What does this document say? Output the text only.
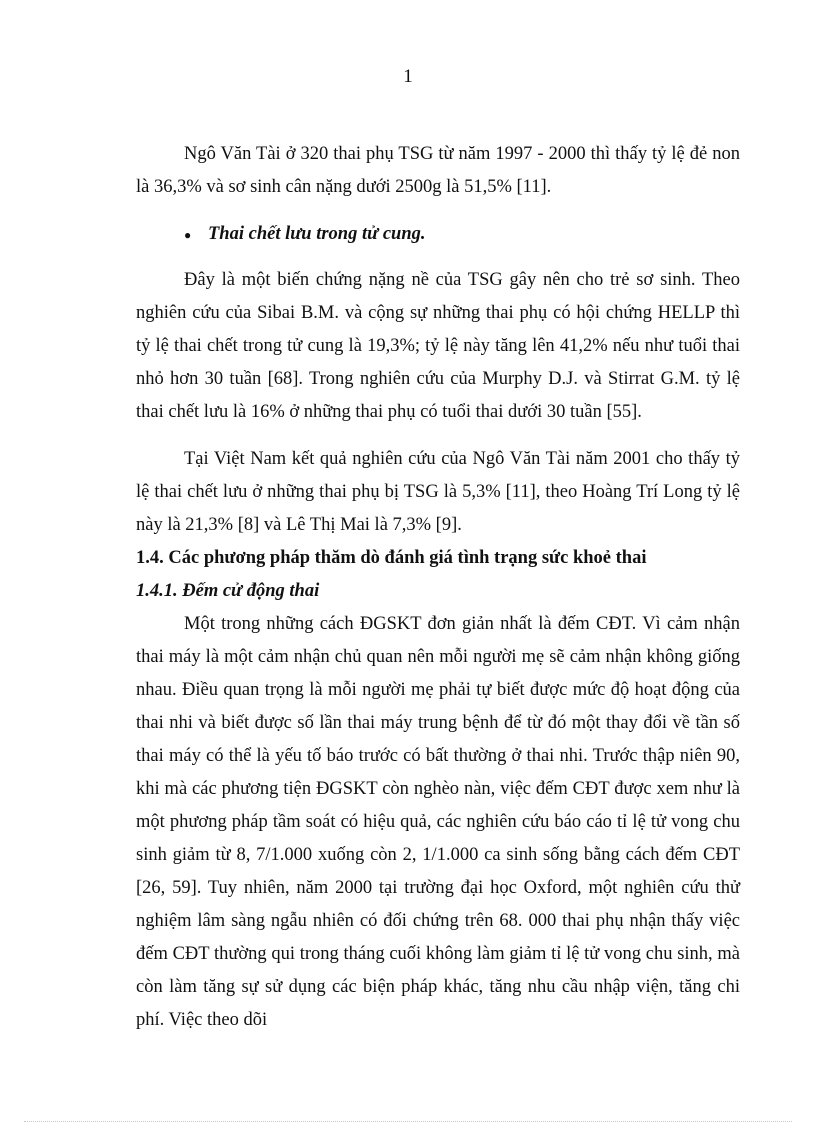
1

Ngô Văn Tài ở 320 thai phụ TSG từ năm 1997 - 2000 thì thấy tỷ lệ đẻ non là 36,3% và sơ sinh cân nặng dưới 2500g là 51,5% [11].

● Thai chết lưu trong tử cung.

Đây là một biến chứng nặng nề của TSG gây nên cho trẻ sơ sinh. Theo nghiên cứu của Sibai B.M. và cộng sự những thai phụ có hội chứng HELLP thì tỷ lệ thai chết trong tử cung là 19,3%; tỷ lệ này tăng lên 41,2% nếu như tuổi thai nhỏ hơn 30 tuần [68]. Trong nghiên cứu của Murphy D.J. và Stirrat G.M. tỷ lệ thai chết lưu là 16% ở những thai phụ có tuổi thai dưới 30 tuần [55].

Tại Việt Nam kết quả nghiên cứu của Ngô Văn Tài năm 2001 cho thấy tỷ lệ thai chết lưu ở những thai phụ bị TSG là 5,3% [11], theo Hoàng Trí Long tỷ lệ này là 21,3% [8] và Lê Thị Mai là 7,3% [9].

1.4. Các phương pháp thăm dò đánh giá tình trạng sức khoẻ thai
1.4.1. Đếm cử động thai

Một trong những cách ĐGSKT đơn giản nhất là đếm CĐT. Vì cảm nhận thai máy là một cảm nhận chủ quan nên mỗi người mẹ sẽ cảm nhận không giống nhau. Điều quan trọng là mỗi người mẹ phải tự biết được mức độ hoạt động của thai nhi và biết được số lần thai máy trung bệnh để từ đó một thay đổi về tần số thai máy có thể là yếu tố báo trước có bất thường ở thai nhi. Trước thập niên 90, khi mà các phương tiện ĐGSKT còn nghèo nàn, việc đếm CĐT được xem như là một phương pháp tầm soát có hiệu quả, các nghiên cứu báo cáo tỉ lệ tử vong chu sinh giảm từ 8, 7/1.000 xuống còn 2, 1/1.000 ca sinh sống bằng cách đếm CĐT [26, 59]. Tuy nhiên, năm 2000 tại trường đại học Oxford, một nghiên cứu thử nghiệm lâm sàng ngẫu nhiên có đối chứng trên 68. 000 thai phụ nhận thấy việc đếm CĐT thường qui trong tháng cuối không làm giảm tỉ lệ tử vong chu sinh, mà còn làm tăng sự sử dụng các biện pháp khác, tăng nhu cầu nhập viện, tăng chi phí. Việc theo dõi
